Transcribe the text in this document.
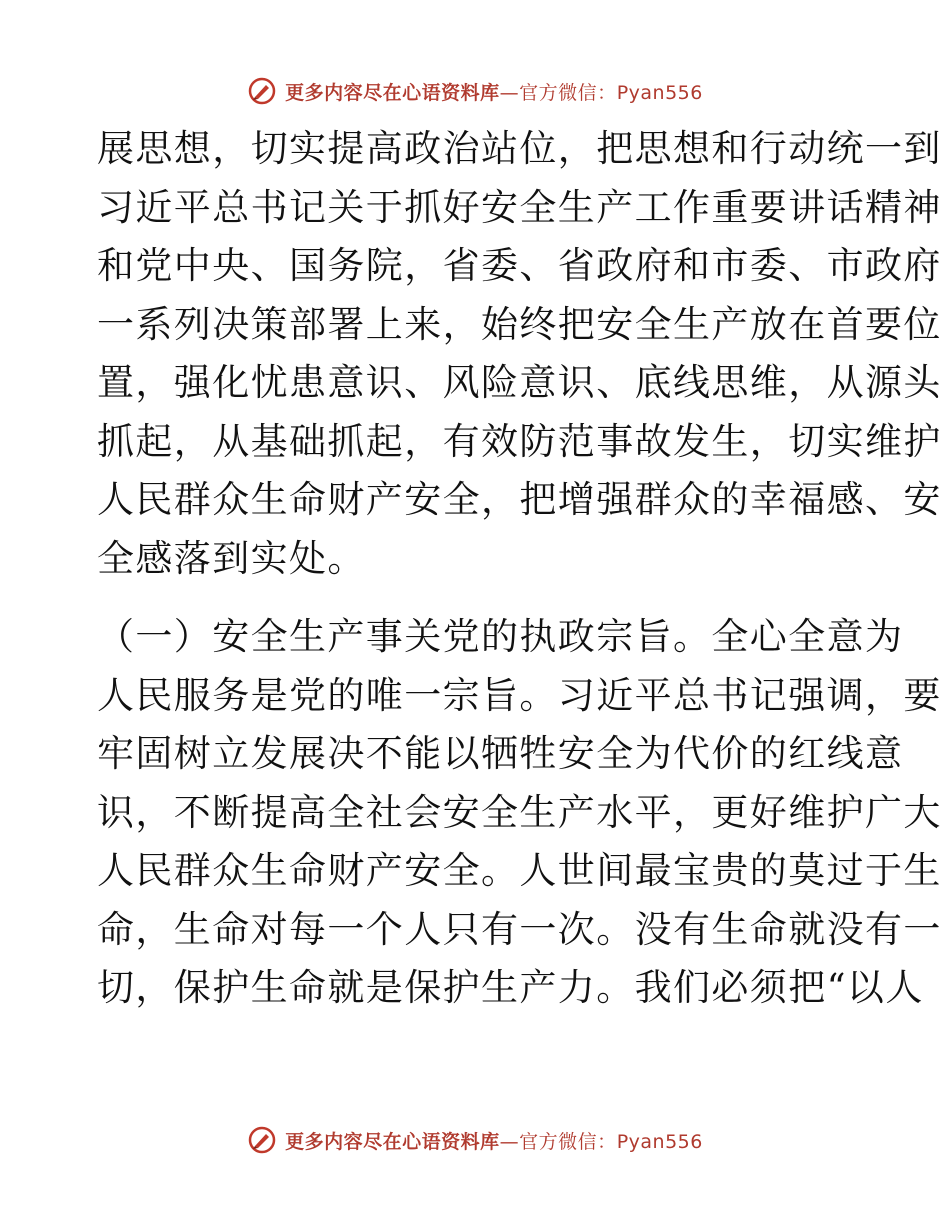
更多内容尽在心语资料库—官方微信：Pyan556
展思想，切实提高政治站位，把思想和行动统一到
习近平总书记关于抓好安全生产工作重要讲话精神
和党中央、国务院，省委、省政府和市委、市政府
一系列决策部署上来，始终把安全生产放在首要位
置，强化忧患意识、风险意识、底线思维，从源头
抓起，从基础抓起，有效防范事故发生，切实维护
人民群众生命财产安全，把增强群众的幸福感、安
全感落到实处。
（一）安全生产事关党的执政宗旨。全心全意为
人民服务是党的唯一宗旨。习近平总书记强调，要
牢固树立发展决不能以牺牲安全为代价的红线意
识，不断提高全社会安全生产水平，更好维护广大
人民群众生命财产安全。人世间最宝贵的莫过于生
命，生命对每一个人只有一次。没有生命就没有一
切，保护生命就是保护生产力。我们必须把“以人
更多内容尽在心语资料库—官方微信：Pyan556
